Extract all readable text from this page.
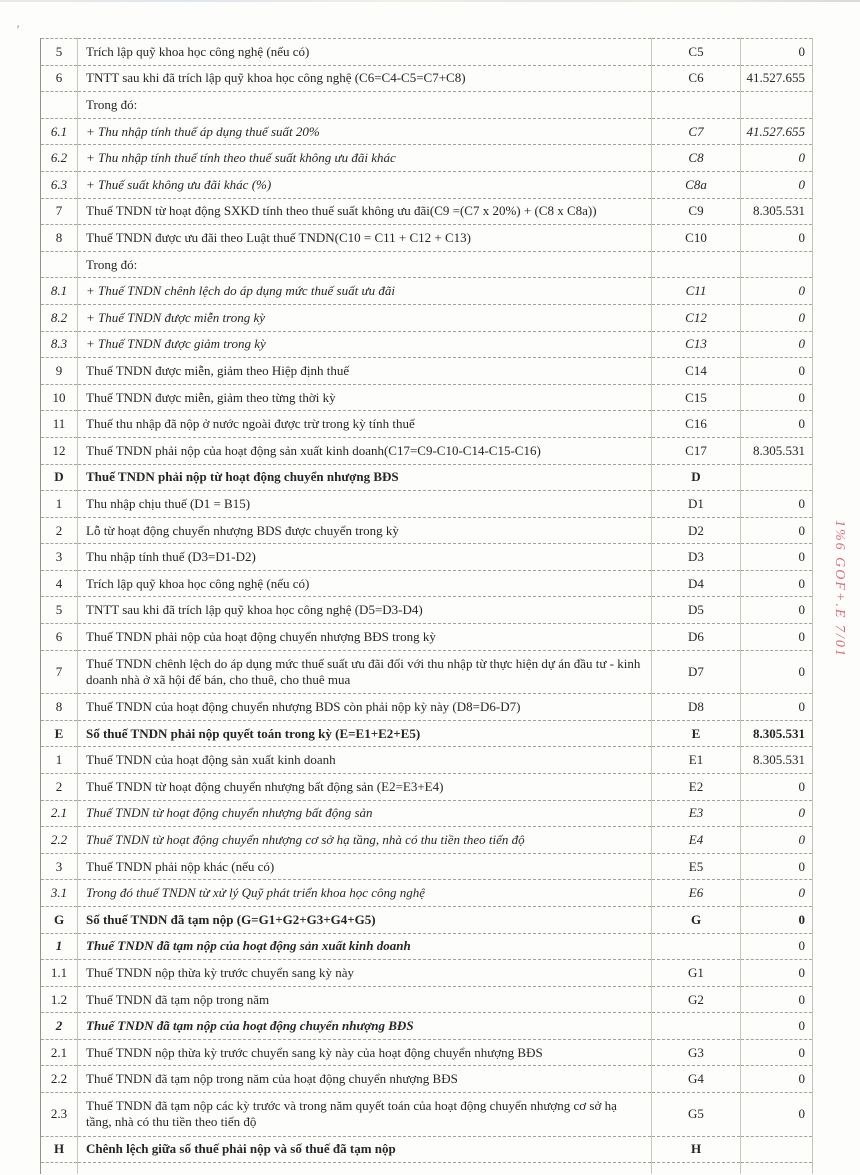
'
5	Trích lập quỹ khoa học công nghệ (nếu có)	C5	0
6	TNTT sau khi đã trích lập quỹ khoa học công nghệ (C6=C4-C5=C7+C8)	C6	41.527.655
	Trong đó:		
6.1	+ Thu nhập tính thuế áp dụng thuế suất 20%	C7	41.527.655
6.2	+ Thu nhập tính thuế tính theo thuế suất không ưu đãi khác	C8	0
6.3	+ Thuế suất không ưu đãi khác (%)	C8a	0
7	Thuế TNDN từ hoạt động SXKD tính theo thuế suất không ưu đãi(C9 =(C7 x 20%) + (C8 x C8a))	C9	8.305.531
8	Thuế TNDN được ưu đãi theo Luật thuế TNDN(C10 = C11 + C12 + C13)	C10	0
	Trong đó:		
8.1	+ Thuế TNDN chênh lệch do áp dụng mức thuế suất ưu đãi	C11	0
8.2	+ Thuế TNDN được miễn trong kỳ	C12	0
8.3	+ Thuế TNDN được giảm trong kỳ	C13	0
9	Thuế TNDN được miễn, giảm theo Hiệp định thuế	C14	0
10	Thuế TNDN được miễn, giảm theo từng thời kỳ	C15	0
11	Thuế thu nhập đã nộp ở nước ngoài được trừ trong kỳ tính thuế	C16	0
12	Thuế TNDN phải nộp của hoạt động sản xuất kinh doanh(C17=C9-C10-C14-C15-C16)	C17	8.305.531
D	Thuế TNDN phải nộp từ hoạt động chuyển nhượng BĐS	D	
1	Thu nhập chịu thuế (D1 = B15)	D1	0
2	Lỗ từ hoạt động chuyển nhượng BDS được chuyển trong kỳ	D2	0
3	Thu nhập tính thuế (D3=D1-D2)	D3	0
4	Trích lập quỹ khoa học công nghệ (nếu có)	D4	0
5	TNTT sau khi đã trích lập quỹ khoa học công nghệ (D5=D3-D4)	D5	0
6	Thuế TNDN phải nộp của hoạt động chuyển nhượng BĐS trong kỳ	D6	0
7	Thuế TNDN chênh lệch do áp dụng mức thuế suất ưu đãi đối với thu nhập từ thực hiện dự án đầu tư - kinh doanh nhà ở xã hội để bán, cho thuê, cho thuê mua	D7	0
8	Thuế TNDN của hoạt động chuyển nhượng BDS còn phải nộp kỳ này (D8=D6-D7)	D8	0
E	Số thuế TNDN phải nộp quyết toán trong kỳ (E=E1+E2+E5)	E	8.305.531
1	Thuế TNDN của hoạt động sản xuất kinh doanh	E1	8.305.531
2	Thuế TNDN từ hoạt động chuyển nhượng bất động sản (E2=E3+E4)	E2	0
2.1	Thuế TNDN từ hoạt động chuyển nhượng bất động sản	E3	0
2.2	Thuế TNDN từ hoạt động chuyển nhượng cơ sở hạ tầng, nhà có thu tiền theo tiến độ	E4	0
3	Thuế TNDN phải nộp khác (nếu có)	E5	0
3.1	Trong đó thuế TNDN từ xử lý Quỹ phát triển khoa học công nghệ	E6	0
G	Số thuế TNDN đã tạm nộp (G=G1+G2+G3+G4+G5)	G	0
1	Thuế TNDN đã tạm nộp của hoạt động sản xuất kinh doanh		0
1.1	Thuế TNDN nộp thừa kỳ trước chuyển sang kỳ này	G1	0
1.2	Thuế TNDN đã tạm nộp trong năm	G2	0
2	Thuế TNDN đã tạm nộp của hoạt động chuyển nhượng BĐS		0
2.1	Thuế TNDN nộp thừa kỳ trước chuyển sang kỳ này của hoạt động chuyển nhượng BĐS	G3	0
2.2	Thuế TNDN đã tạm nộp trong năm của hoạt động chuyển nhượng BĐS	G4	0
2.3	Thuế TNDN đã tạm nộp các kỳ trước và trong năm quyết toán của hoạt động chuyển nhượng cơ sở hạ tầng, nhà có thu tiền theo tiến độ	G5	0
H	Chênh lệch giữa số thuế phải nộp và số thuế đã tạm nộp	H	

1%6 GOF+.E 7/01
